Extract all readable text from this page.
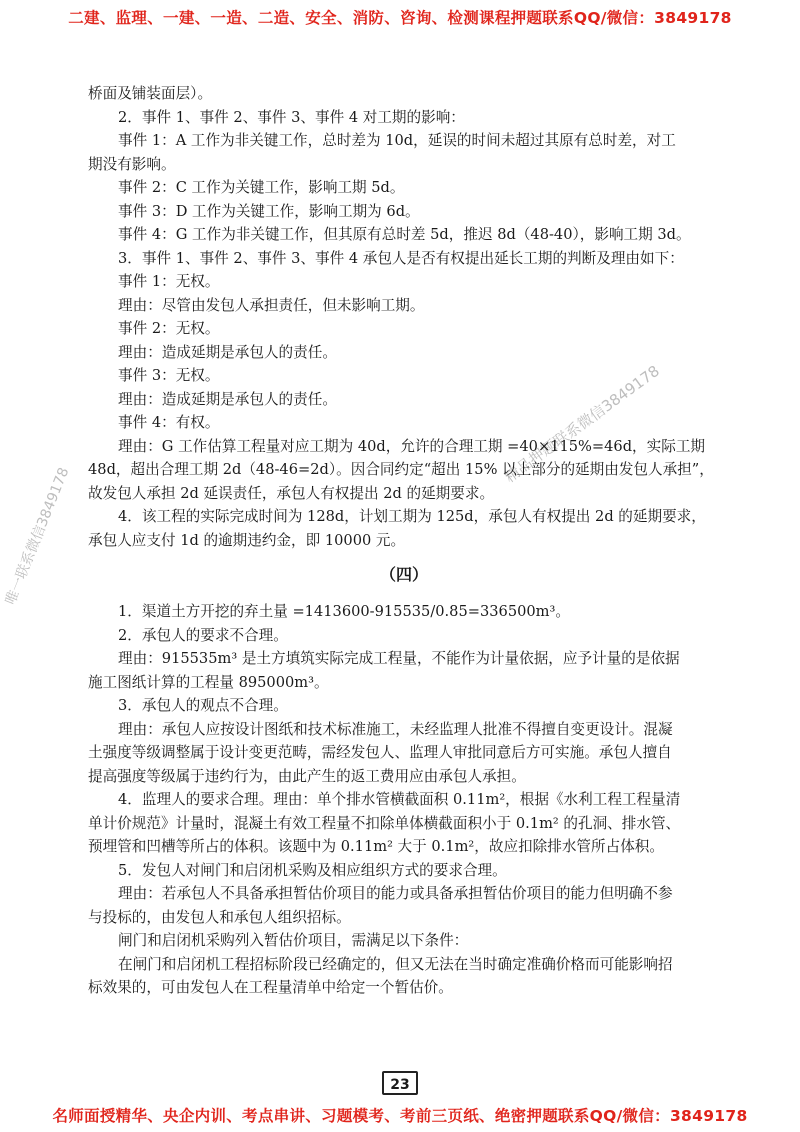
二建、监理、一建、一造、二造、安全、消防、咨询、检测课程押题联系QQ/微信：3849178
唯一联系微信3849178
精品押题联系微信3849178
桥面及铺装面层）。
2．事件 1、事件 2、事件 3、事件 4 对工期的影响：
事件 1：A 工作为非关键工作，总时差为 10d，延误的时间未超过其原有总时差，对工
期没有影响。
事件 2：C 工作为关键工作，影响工期 5d。
事件 3：D 工作为关键工作，影响工期为 6d。
事件 4：G 工作为非关键工作，但其原有总时差 5d，推迟 8d（48-40），影响工期 3d。
3．事件 1、事件 2、事件 3、事件 4 承包人是否有权提出延长工期的判断及理由如下：
事件 1：无权。
理由：尽管由发包人承担责任，但未影响工期。
事件 2：无权。
理由：造成延期是承包人的责任。
事件 3：无权。
理由：造成延期是承包人的责任。
事件 4：有权。
理由：G 工作估算工程量对应工期为 40d，允许的合理工期 =40×115%=46d，实际工期
48d，超出合理工期 2d（48-46=2d）。因合同约定“超出 15% 以上部分的延期由发包人承担”，
故发包人承担 2d 延误责任，承包人有权提出 2d 的延期要求。
4．该工程的实际完成时间为 128d，计划工期为 125d，承包人有权提出 2d 的延期要求，
承包人应支付 1d 的逾期违约金，即 10000 元。
（四）
1．渠道土方开挖的弃土量 =1413600-915535/0.85=336500m³。
2．承包人的要求不合理。
理由：915535m³ 是土方填筑实际完成工程量，不能作为计量依据，应予计量的是依据
施工图纸计算的工程量 895000m³。
3．承包人的观点不合理。
理由：承包人应按设计图纸和技术标准施工，未经监理人批准不得擅自变更设计。混凝
土强度等级调整属于设计变更范畴，需经发包人、监理人审批同意后方可实施。承包人擅自
提高强度等级属于违约行为，由此产生的返工费用应由承包人承担。
4．监理人的要求合理。理由：单个排水管横截面积 0.11m²，根据《水利工程工程量清
单计价规范》计量时，混凝土有效工程量不扣除单体横截面积小于 0.1m² 的孔洞、排水管、
预埋管和凹槽等所占的体积。该题中为 0.11m² 大于 0.1m²，故应扣除排水管所占体积。
5．发包人对闸门和启闭机采购及相应组织方式的要求合理。
理由：若承包人不具备承担暂估价项目的能力或具备承担暂估价项目的能力但明确不参
与投标的，由发包人和承包人组织招标。
闸门和启闭机采购列入暂估价项目，需满足以下条件：
在闸门和启闭机工程招标阶段已经确定的，但又无法在当时确定准确价格而可能影响招
标效果的，可由发包人在工程量清单中给定一个暂估价。
23
名师面授精华、央企内训、考点串讲、习题模考、考前三页纸、绝密押题联系QQ/微信：3849178
